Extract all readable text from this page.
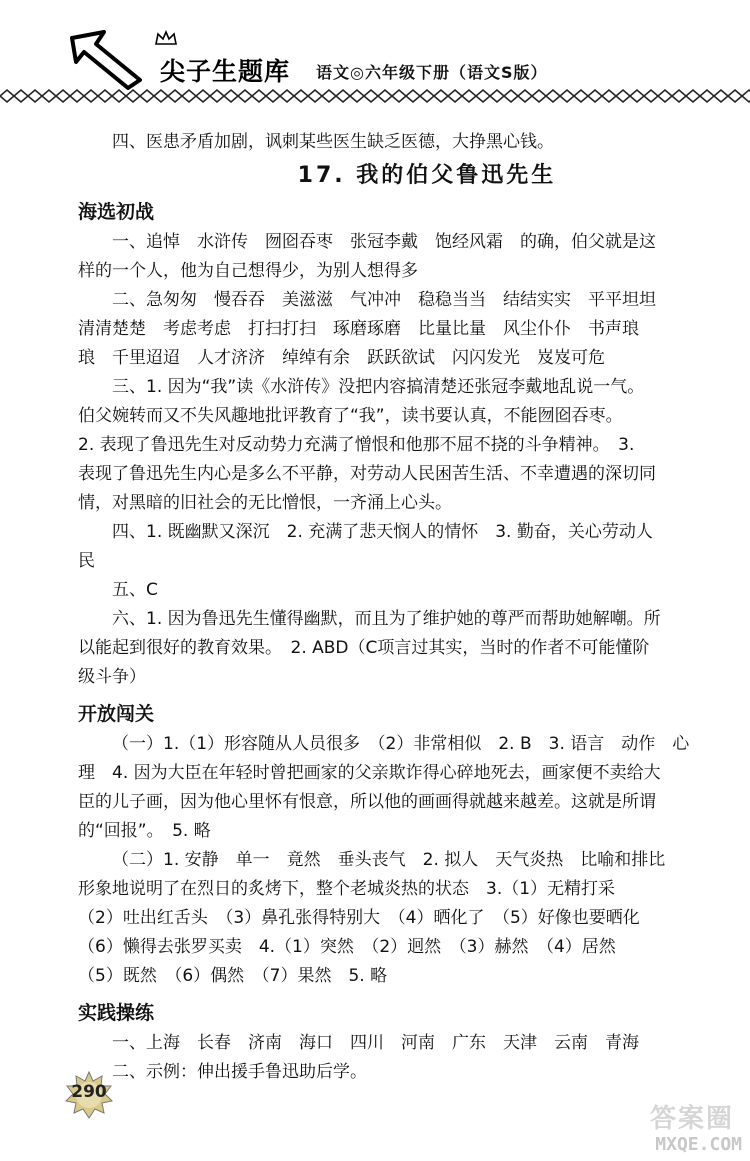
尖子生题库 语文◎六年级下册（语文S版）
四、医患矛盾加剧，讽刺某些医生缺乏医德，大挣黑心钱。
17. 我的伯父鲁迅先生
海选初战
一、追悼　水浒传　囫囵吞枣　张冠李戴　饱经风霜　的确，伯父就是这
样的一个人，他为自己想得少，为别人想得多
二、急匆匆　慢吞吞　美滋滋　气冲冲　稳稳当当　结结实实　平平坦坦
清清楚楚　考虑考虑　打扫打扫　琢磨琢磨　比量比量　风尘仆仆　书声琅
琅　千里迢迢　人才济济　绰绰有余　跃跃欲试　闪闪发光　岌岌可危
三、1. 因为“我”读《水浒传》没把内容搞清楚还张冠李戴地乱说一气。
伯父婉转而又不失风趣地批评教育了“我”，读书要认真，不能囫囵吞枣。
2. 表现了鲁迅先生对反动势力充满了憎恨和他那不屈不挠的斗争精神。　3.
表现了鲁迅先生内心是多么不平静，对劳动人民困苦生活、不幸遭遇的深切同
情，对黑暗的旧社会的无比憎恨，一齐涌上心头。
四、1. 既幽默又深沉　2. 充满了悲天悯人的情怀　3. 勤奋，关心劳动人
民
五、C
六、1. 因为鲁迅先生懂得幽默，而且为了维护她的尊严而帮助她解嘲。所
以能起到很好的教育效果。　2. ABD（C项言过其实，当时的作者不可能懂阶
级斗争）
开放闯关
（一）1.（1）形容随从人员很多　（2）非常相似　2. B　3. 语言　动作　心
理　4. 因为大臣在年轻时曾把画家的父亲欺诈得心碎地死去，画家便不卖给大
臣的儿子画，因为他心里怀有恨意，所以他的画画得就越来越差。这就是所谓
的“回报”。　5. 略
（二）1. 安静　单一　竟然　垂头丧气　2. 拟人　天气炎热　比喻和排比
形象地说明了在烈日的炙烤下，整个老城炎热的状态　3.（1）无精打采
（2）吐出红舌头　（3）鼻孔张得特别大　（4）晒化了　（5）好像也要晒化
（6）懒得去张罗买卖　4.（1）突然　（2）迥然　（3）赫然　（4）居然
（5）既然　（6）偶然　（7）果然　5. 略
实践操练
一、上海　长春　济南　海口　四川　河南　广东　天津　云南　青海
二、示例：伸出援手鲁迅助后学。
290
答案圈
MXQE.COM
